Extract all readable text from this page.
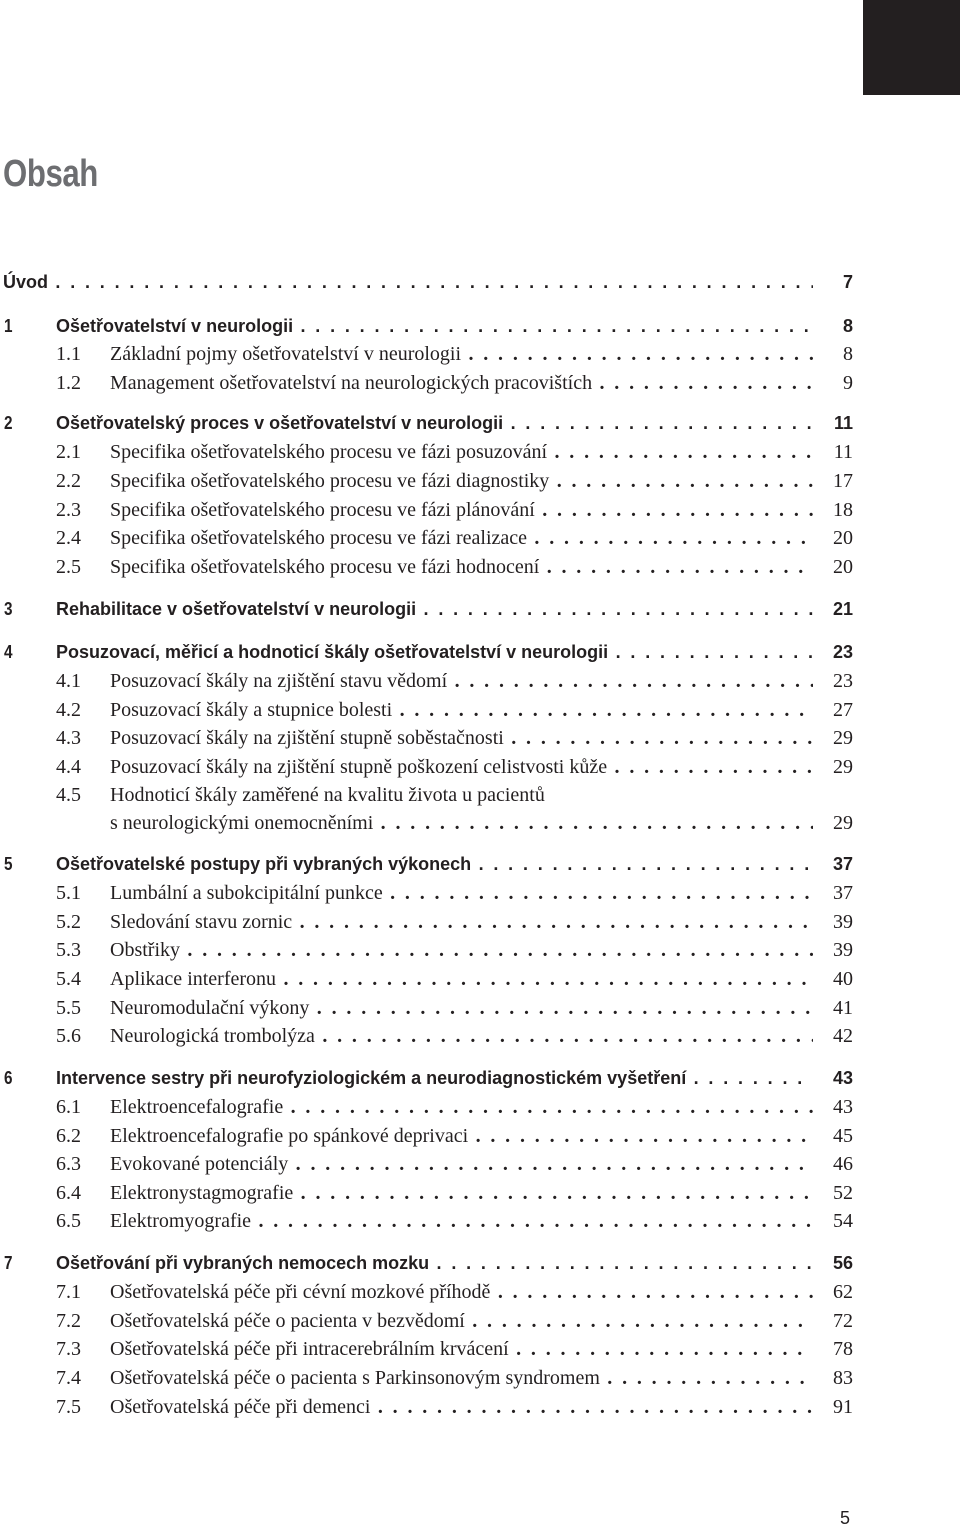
Obsah
Úvod . . .	7
1 Ošetřovatelství v neurologii . . .	8
1.1 Základní pojmy ošetřovatelství v neurologii . . .	8
1.2 Management ošetřovatelství na neurologických pracovištích . . .	9
2 Ošetřovatelský proces v ošetřovatelství v neurologii . . .	11
2.1 Specifika ošetřovatelského procesu ve fázi posuzování . . .	11
2.2 Specifika ošetřovatelského procesu ve fázi diagnostiky . . .	17
2.3 Specifika ošetřovatelského procesu ve fázi plánování . . .	18
2.4 Specifika ošetřovatelského procesu ve fázi realizace . . .	20
2.5 Specifika ošetřovatelského procesu ve fázi hodnocení . . .	20
3 Rehabilitace v ošetřovatelství v neurologii . . .	21
4 Posuzovací, měřicí a hodnoticí škály ošetřovatelství v neurologii . . .	23
4.1 Posuzovací škály na zjištění stavu vědomí . . .	23
4.2 Posuzovací škály a stupnice bolesti . . .	27
4.3 Posuzovací škály na zjištění stupně soběstačnosti . . .	29
4.4 Posuzovací škály na zjištění stupně poškození celistvosti kůže . . .	29
4.5 Hodnoticí škály zaměřené na kvalitu života u pacientů
s neurologickými onemocněními . . .	29
5 Ošetřovatelské postupy při vybraných výkonech . . .	37
5.1 Lumbální a subokcipitální punkce . . .	37
5.2 Sledování stavu zornic . . .	39
5.3 Obstřiky . . .	39
5.4 Aplikace interferonu . . .	40
5.5 Neuromodulační výkony . . .	41
5.6 Neurologická trombolýza . . .	42
6 Intervence sestry při neurofyziologickém a neurodiagnostickém vyšetření . . .	43
6.1 Elektroencefalografie . . .	43
6.2 Elektroencefalografie po spánkové deprivaci . . .	45
6.3 Evokované potenciály . . .	46
6.4 Elektronystagmografie . . .	52
6.5 Elektromyografie . . .	54
7 Ošetřování při vybraných nemocech mozku . . .	56
7.1 Ošetřovatelská péče při cévní mozkové příhodě . . .	62
7.2 Ošetřovatelská péče o pacienta v bezvědomí . . .	72
7.3 Ošetřovatelská péče při intracerebrálním krvácení . . .	78
7.4 Ošetřovatelská péče o pacienta s Parkinsonovým syndromem . . .	83
7.5 Ošetřovatelská péče při demenci . . .	91
5
